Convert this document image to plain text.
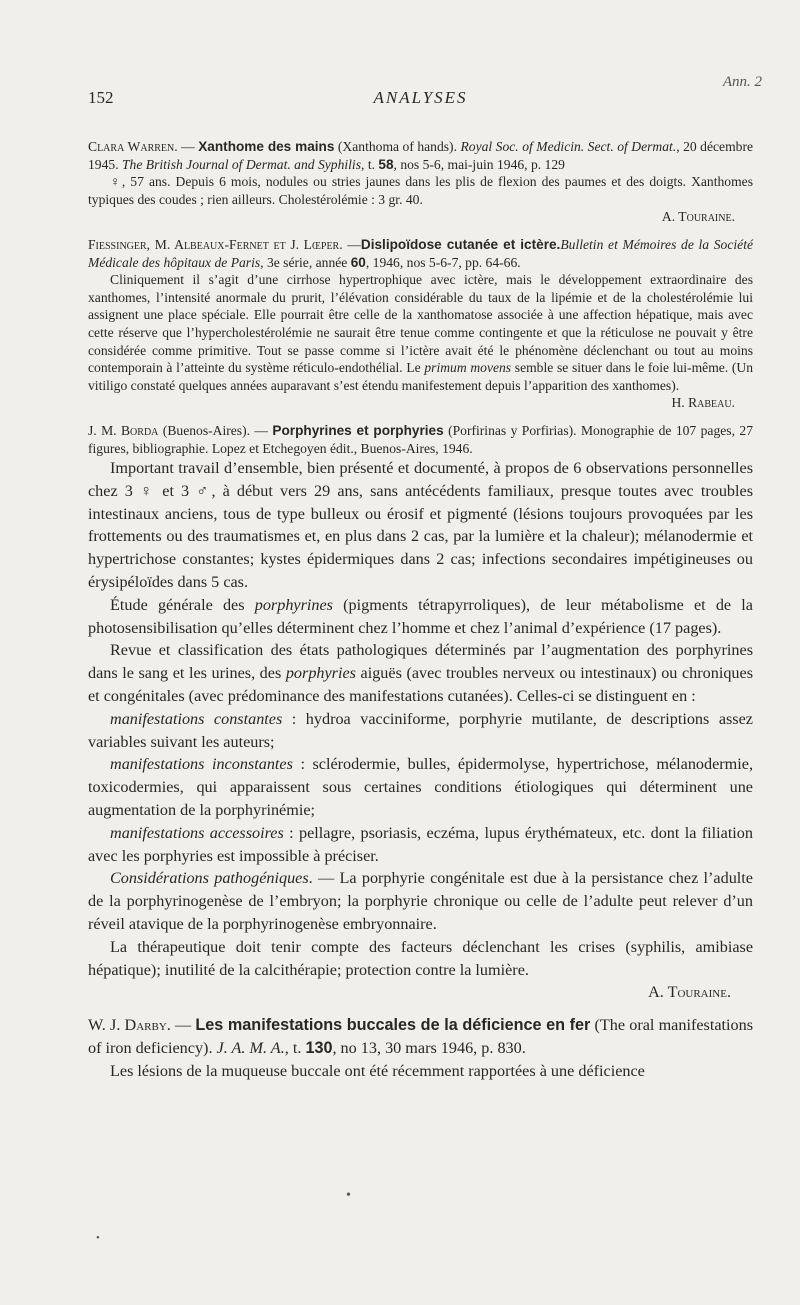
Ann. 2
152	ANALYSES

Clara Warren. — Xanthome des mains (Xanthoma of hands). Royal Soc. of Medicin. Sect. of Dermat., 20 décembre 1945. The British Journal of Dermat. and Syphilis, t. 58, nos 5-6, mai-juin 1946, p. 129

♀, 57 ans. Depuis 6 mois, nodules ou stries jaunes dans les plis de flexion des paumes et des doigts. Xanthomes typiques des coudes ; rien ailleurs. Cholestérolémie : 3 gr. 40.

A. Touraine.

Fiessinger, M. Albeaux-Fernet et J. Lœper. —Dislipoïdose cutanée et ictère.Bulletin et Mémoires de la Société Médicale des hôpitaux de Paris, 3e série, année 60, 1946, nos 5-6-7, pp. 64-66.

Cliniquement il s’agit d’une cirrhose hypertrophique avec ictère, mais le développement extraordinaire des xanthomes, l’intensité anormale du prurit, l’élévation considérable du taux de la lipémie et de la cholestérolémie lui assignent une place spéciale. Elle pourrait être celle de la xanthomatose associée à une affection hépatique, mais avec cette réserve que l’hypercholestérolémie ne saurait être tenue comme contingente et que la réticulose ne pouvait y être considérée comme primitive. Tout se passe comme si l’ictère avait été le phénomène déclenchant ou tout au moins contemporain à l’atteinte du système réticulo-endothélial. Le primum movens semble se situer dans le foie lui-même. (Un vitiligo constaté quelques années auparavant s’est étendu manifestement depuis l’apparition des xanthomes).

H. Rabeau.

J. M. Borda (Buenos-Aires). — Porphyrines et porphyries (Porfirinas y Porfirias). Monographie de 107 pages, 27 figures, bibliographie. Lopez et Etchegoyen édit., Buenos-Aires, 1946.

Important travail d’ensemble, bien présenté et documenté, à propos de 6 observations personnelles chez 3 ♀ et 3 ♂, à début vers 29 ans, sans antécédents familiaux, presque toutes avec troubles intestinaux anciens, tous de type bulleux ou érosif et pigmenté (lésions toujours provoquées par les frottements ou des traumatismes et, en plus dans 2 cas, par la lumière et la chaleur); mélanodermie et hypertrichose constantes; kystes épidermiques dans 2 cas; infections secondaires impétigineuses ou érysipéloïdes dans 5 cas.

Étude générale des porphyrines (pigments tétrapyrroliques), de leur métabolisme et de la photosensibilisation qu’elles déterminent chez l’homme et chez l’animal d’expérience (17 pages).

Revue et classification des états pathologiques déterminés par l’augmentation des porphyrines dans le sang et les urines, des porphyries aiguës (avec troubles nerveux ou intestinaux) ou chroniques et congénitales (avec prédominance des manifestations cutanées). Celles-ci se distinguent en :

manifestations constantes : hydroa vacciniforme, porphyrie mutilante, de descriptions assez variables suivant les auteurs;

manifestations inconstantes : sclérodermie, bulles, épidermolyse, hypertrichose, mélanodermie, toxicodermies, qui apparaissent sous certaines conditions étiologiques qui déterminent une augmentation de la porphyrinémie;

manifestations accessoires : pellagre, psoriasis, eczéma, lupus érythémateux, etc. dont la filiation avec les porphyries est impossible à préciser.

Considérations pathogéniques. — La porphyrie congénitale est due à la persistance chez l’adulte de la porphyrinogenèse de l’embryon; la porphyrie chronique ou celle de l’adulte peut relever d’un réveil atavique de la porphyrinogenèse embryonnaire.

La thérapeutique doit tenir compte des facteurs déclenchant les crises (syphilis, amibiase hépatique); inutilité de la calcithérapie; protection contre la lumière.

A. Touraine.

W. J. Darby. — Les manifestations buccales de la déficience en fer (The oral manifestations of iron deficiency). J. A. M. A., t. 130, no 13, 30 mars 1946, p. 830.

Les lésions de la muqueuse buccale ont été récemment rapportées à une déficience

•
•
